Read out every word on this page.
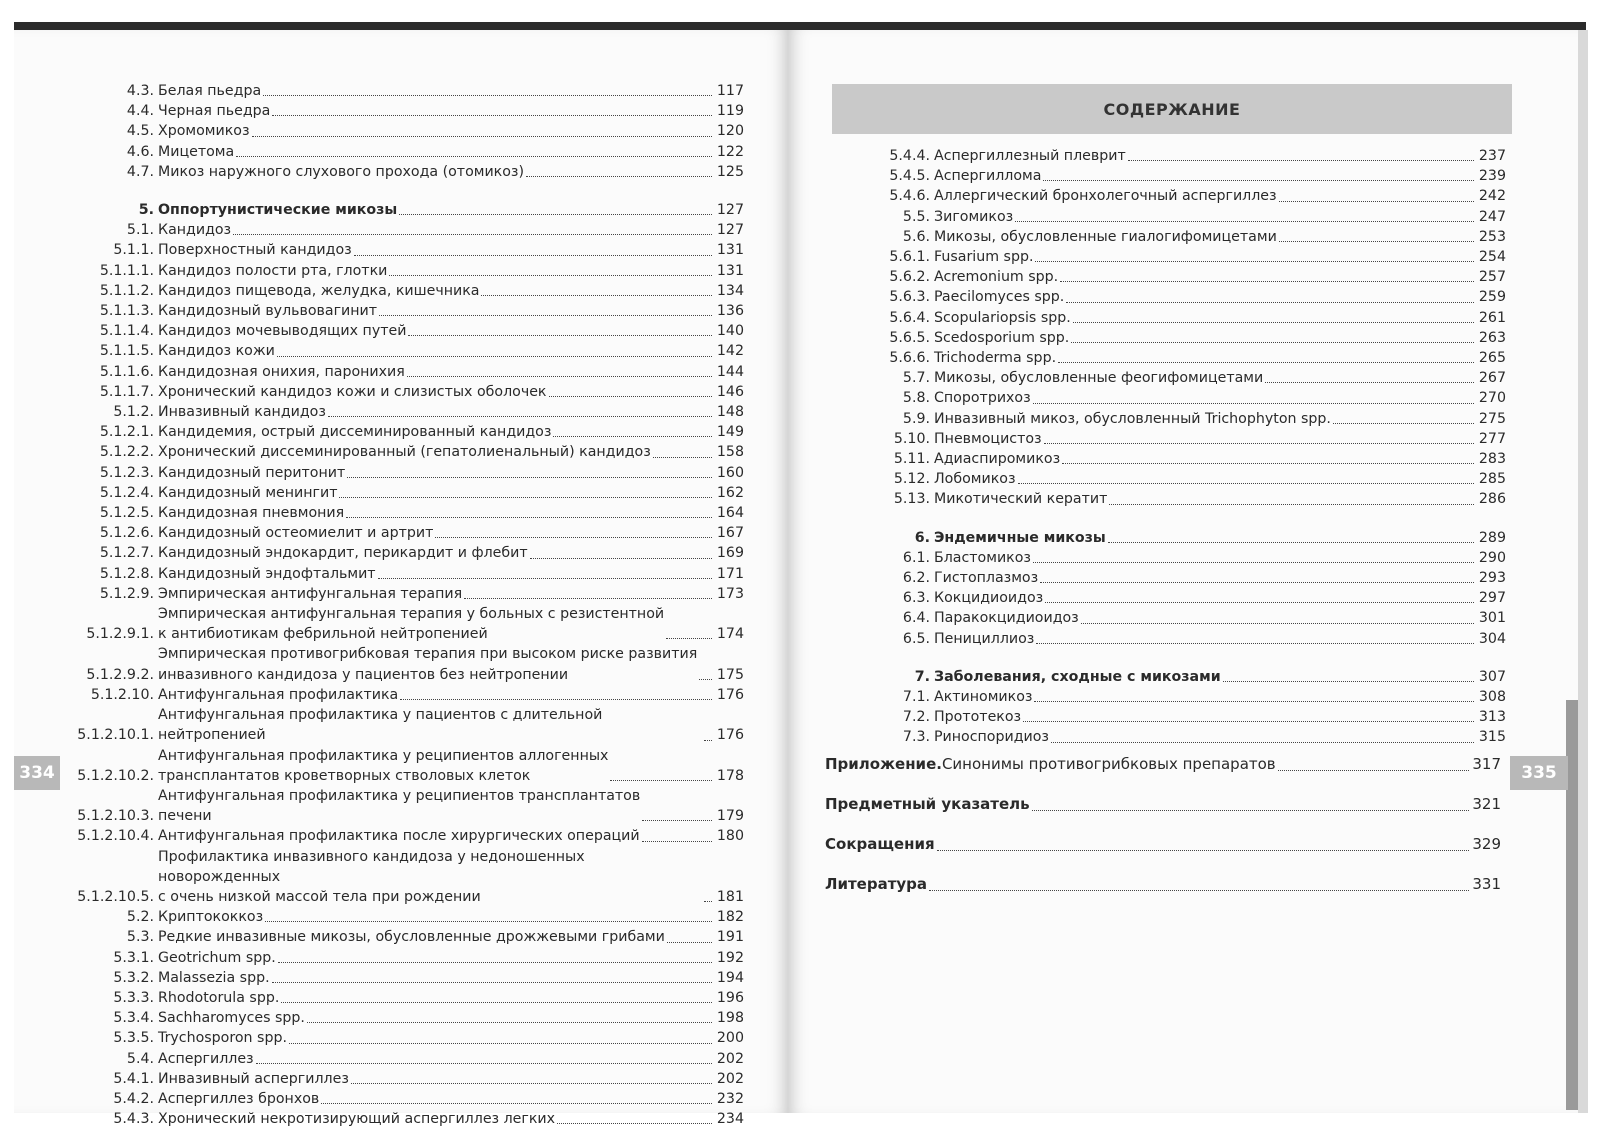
СОДЕРЖАНИЕ
334	335
4.3. Белая пьедра	117
4.4. Черная пьедра	119
4.5. Хромомикоз	120
4.6. Мицетома	122
4.7. Микоз наружного слухового прохода (отомикоз)	125
5. Оппортунистические микозы	127
5.1. Кандидоз	127
5.1.1. Поверхностный кандидоз	131
5.1.1.1. Кандидоз полости рта, глотки	131
5.1.1.2. Кандидоз пищевода, желудка, кишечника	134
5.1.1.3. Кандидозный вульвовагинит	136
5.1.1.4. Кандидоз мочевыводящих путей	140
5.1.1.5. Кандидоз кожи	142
5.1.1.6. Кандидозная онихия, паронихия	144
5.1.1.7. Хронический кандидоз кожи и слизистых оболочек	146
5.1.2. Инвазивный кандидоз	148
5.1.2.1. Кандидемия, острый диссеминированный кандидоз	149
5.1.2.2. Хронический диссеминированный (гепатолиенальный) кандидоз	158
5.1.2.3. Кандидозный перитонит	160
5.1.2.4. Кандидозный менингит	162
5.1.2.5. Кандидозная пневмония	164
5.1.2.6. Кандидозный остеомиелит и артрит	167
5.1.2.7. Кандидозный эндокардит, перикардит и флебит	169
5.1.2.8. Кандидозный эндофтальмит	171
5.1.2.9. Эмпирическая антифунгальная терапия	173
5.1.2.9.1.
Эмпирическая антифунгальная терапия у больных с резистентной
к антибиотикам фебрильной нейтропенией	174
5.1.2.9.2.
Эмпирическая противогрибковая терапия при высоком риске развития
инвазивного кандидоза у пациентов без нейтропении	175
5.1.2.10. Антифунгальная профилактика	176
5.1.2.10.1.
Антифунгальная профилактика у пациентов с длительной нейтропенией	176
5.1.2.10.2.
Антифунгальная профилактика у реципиентов аллогенных
трансплантатов кроветворных стволовых клеток	178
5.1.2.10.3.
Антифунгальная профилактика у реципиентов трансплантатов
печени	179
5.1.2.10.4. Антифунгальная профилактика после хирургических операций	180
5.1.2.10.5.
Профилактика инвазивного кандидоза у недоношенных новорожденных
с очень низкой массой тела при рождении	181
5.2. Криптококкоз	182
5.3. Редкие инвазивные микозы, обусловленные дрожжевыми грибами	191
5.3.1. Geotrichum spp.	192
5.3.2. Malassezia spp.	194
5.3.3. Rhodotorula spp.	196
5.3.4. Sachharomyces spp.	198
5.3.5. Trychosporon spp.	200
5.4. Аспергиллез	202
5.4.1. Инвазивный аспергиллез	202
5.4.2. Аспергиллез бронхов	232
5.4.3. Хронический некротизирующий аспергиллез легких	234
5.4.4. Аспергиллезный плеврит	237
5.4.5. Аспергиллома	239
5.4.6. Аллергический бронхолегочный аспергиллез	242
5.5. Зигомикоз	247
5.6. Микозы, обусловленные гиалогифомицетами	253
5.6.1. Fusarium spp.	254
5.6.2. Acremonium spp.	257
5.6.3. Paecilomyces spp.	259
5.6.4. Scopulariopsis spp.	261
5.6.5. Scedosporium spp.	263
5.6.6. Trichoderma spp.	265
5.7. Микозы, обусловленные феогифомицетами	267
5.8. Споротрихоз	270
5.9. Инвазивный микоз, обусловленный Trichophyton spp.	275
5.10. Пневмоцистоз	277
5.11. Адиаспиромикоз	283
5.12. Лобомикоз	285
5.13. Микотический кератит	286
6. Эндемичные микозы	289
6.1. Бластомикоз	290
6.2. Гистоплазмоз	293
6.3. Кокцидиоидоз	297
6.4. Паракокцидиоидоз	301
6.5. Пенициллиоз	304
7. Заболевания, сходные с микозами	307
7.1. Актиномикоз	308
7.2. Прототекоз	313
7.3. Риноспоридиоз	315
Приложение. Синонимы противогрибковых препаратов	317
Предметный указатель	321
Сокращения	329
Литература	331
